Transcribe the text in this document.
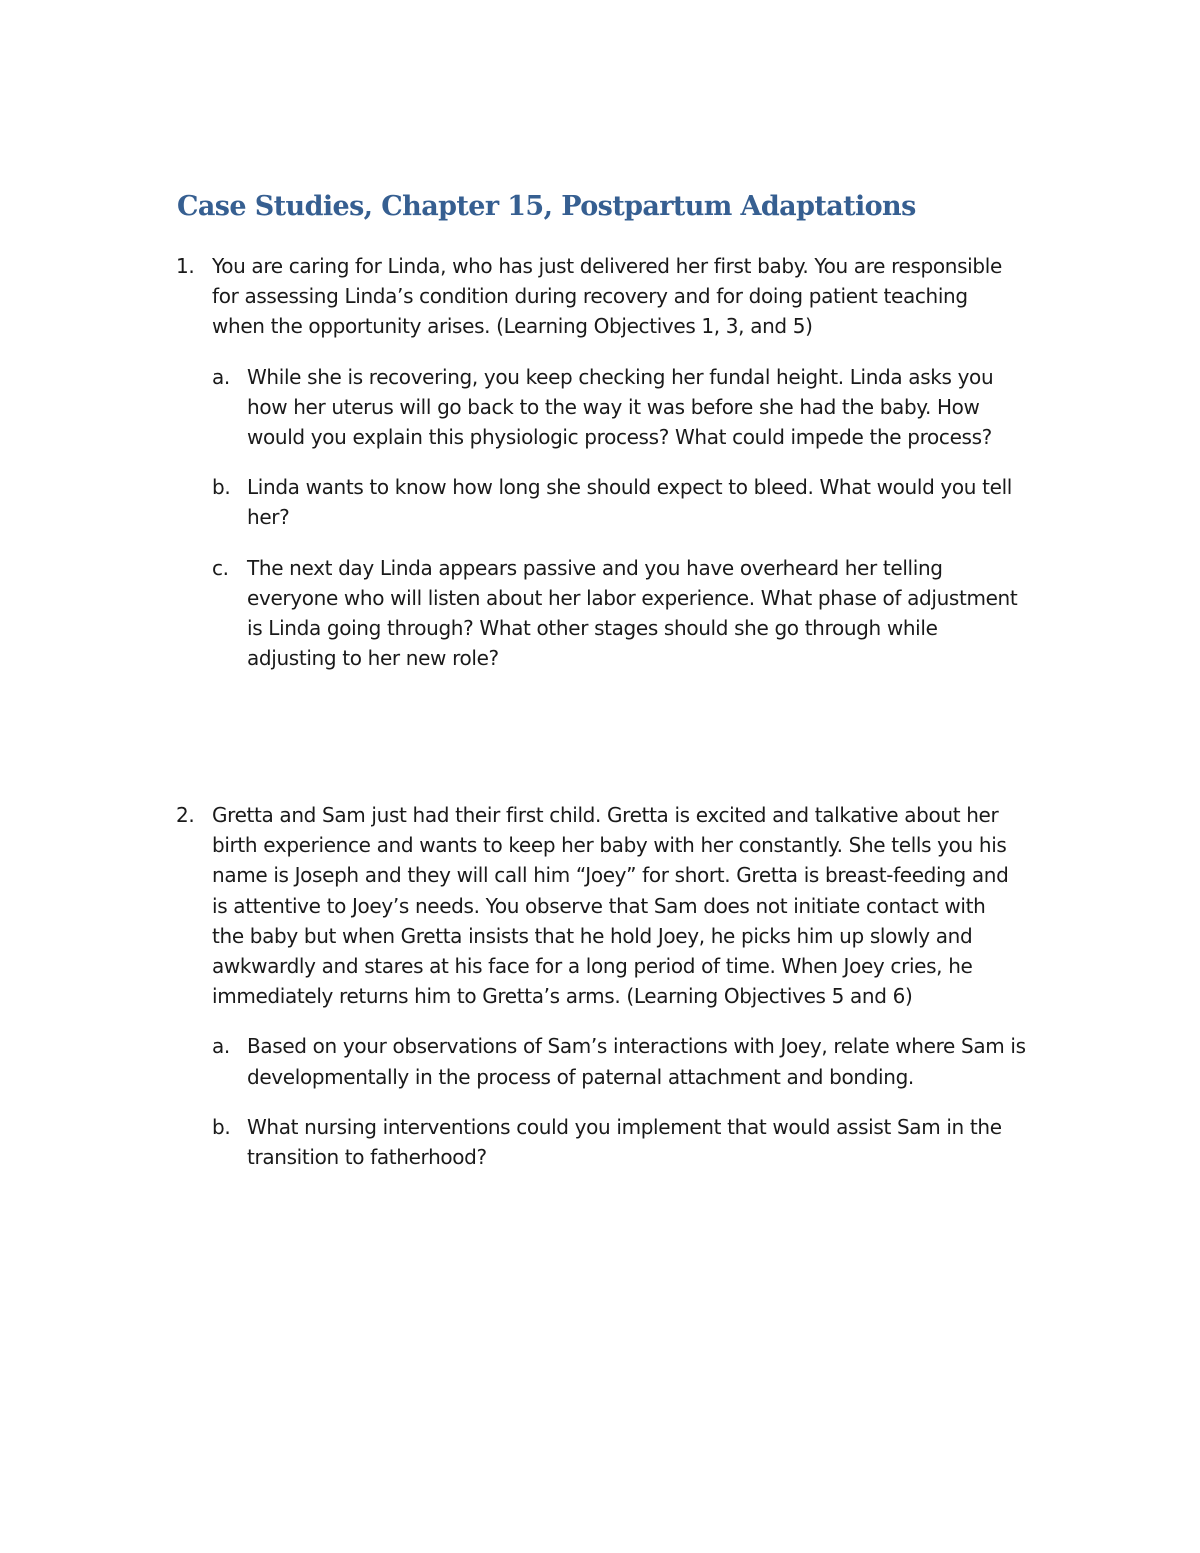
Case Studies, Chapter 15, Postpartum Adaptations
1. You are caring for Linda, who has just delivered her first baby. You are responsible for assessing Linda’s condition during recovery and for doing patient teaching when the opportunity arises. (Learning Objectives 1, 3, and 5)

a. While she is recovering, you keep checking her fundal height. Linda asks you how her uterus will go back to the way it was before she had the baby. How would you explain this physiologic process? What could impede the process?

b. Linda wants to know how long she should expect to bleed. What would you tell her?

c. The next day Linda appears passive and you have overheard her telling everyone who will listen about her labor experience. What phase of adjustment is Linda going through? What other stages should she go through while adjusting to her new role?

2. Gretta and Sam just had their first child. Gretta is excited and talkative about her birth experience and wants to keep her baby with her constantly. She tells you his name is Joseph and they will call him “Joey” for short. Gretta is breast-feeding and is attentive to Joey’s needs. You observe that Sam does not initiate contact with the baby but when Gretta insists that he hold Joey, he picks him up slowly and awkwardly and stares at his face for a long period of time. When Joey cries, he immediately returns him to Gretta’s arms. (Learning Objectives 5 and 6)

a. Based on your observations of Sam’s interactions with Joey, relate where Sam is developmentally in the process of paternal attachment and bonding.

b. What nursing interventions could you implement that would assist Sam in the transition to fatherhood?
